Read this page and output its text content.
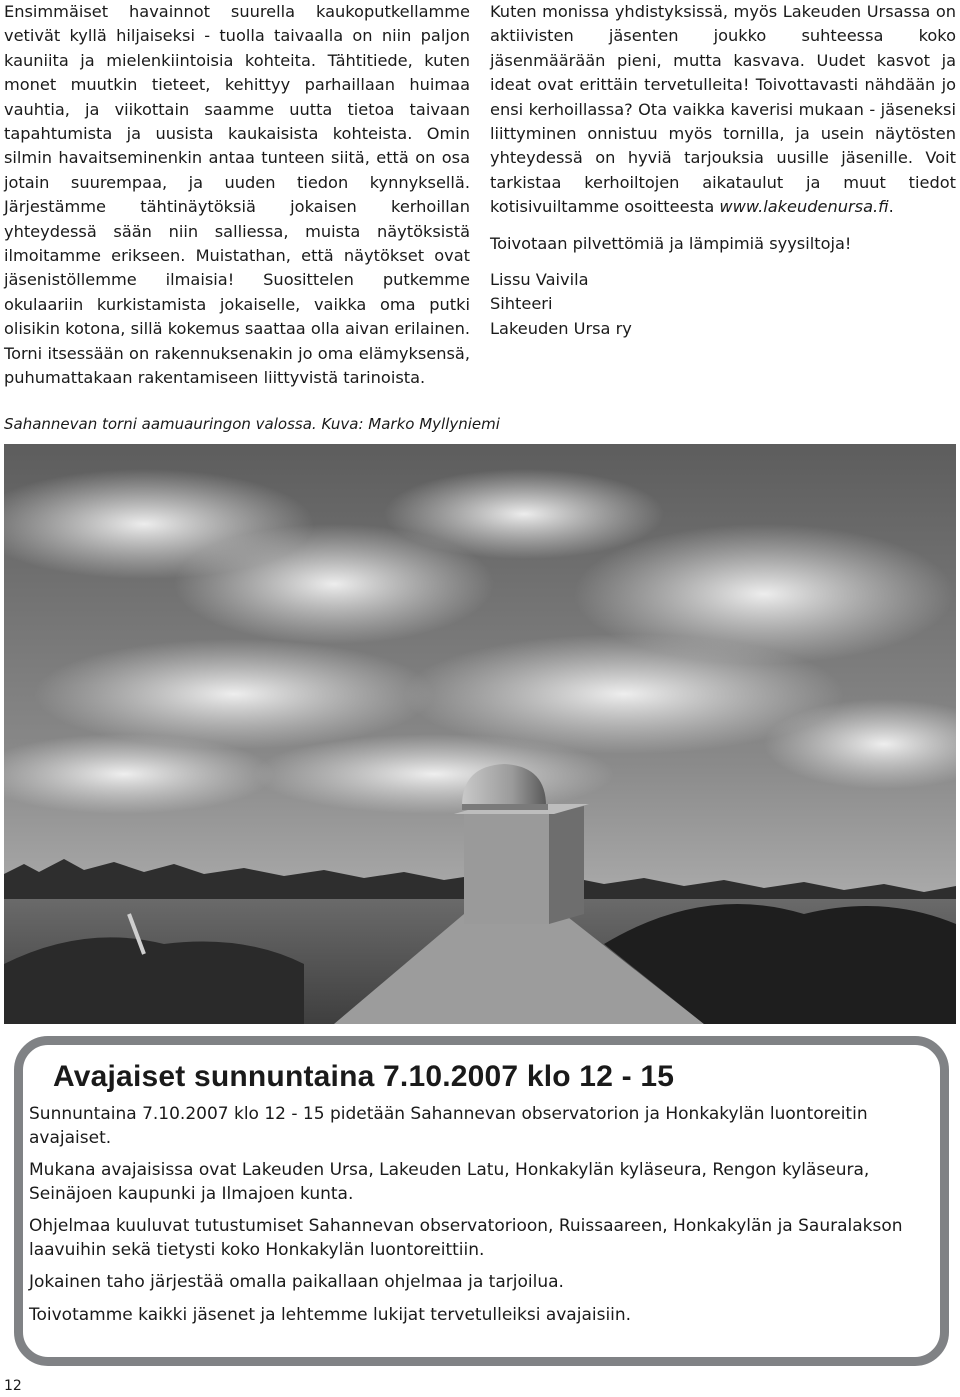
Ensimmäiset havainnot suurella kaukoputkellamme vetivät kyllä hiljaiseksi - tuolla taivaalla on niin paljon kauniita ja mielenkiintoisia kohteita. Tähtitiede, kuten monet muutkin tieteet, kehittyy parhaillaan huimaa vauhtia, ja viikottain saamme uutta tietoa taivaan tapahtumista ja uusista kaukaisista kohteista. Omin silmin havaitseminenkin antaa tunteen siitä, että on osa jotain suurempaa, ja uuden tiedon kynnyksellä. Järjestämme tähtinäytöksiä jokaisen kerhoillan yhteydessä sään niin salliessa, muista näytöksistä ilmoitamme erikseen. Muistathan, että näytökset ovat jäsenistöllemme ilmaisia! Suosittelen putkemme okulaariin kurkistamista jokaiselle, vaikka oma putki olisikin kotona, sillä kokemus saattaa olla aivan erilainen. Torni itsessään on rakennuksenakin jo oma elämyksensä, puhumattakaan rakentamiseen liittyvistä tarinoista.

Kuten monissa yhdistyksissä, myös Lakeuden Ursassa on aktiivisten jäsenten joukko suhteessa koko jäsenmäärään pieni, mutta kasvava. Uudet kasvot ja ideat ovat erittäin tervetulleita! Toivottavasti nähdään jo ensi kerhoillassa? Ota vaikka kaverisi mukaan - jäseneksi liittyminen onnistuu myös tornilla, ja usein näytösten yhteydessä on hyviä tarjouksia uusille jäsenille. Voit tarkistaa kerhoiltojen aikataulut ja muut tiedot kotisivuiltamme osoitteesta www.lakeudenursa.fi.

Toivotaan pilvettömiä ja lämpimiä syysiltoja!

Lissu Vaivila

Sihteeri

Lakeuden Ursa ry

Sahannevan torni aamuauringon valossa. Kuva: Marko Myllyniemi
Avajaiset sunnuntaina 7.10.2007 klo 12 - 15

Sunnuntaina 7.10.2007 klo 12 - 15 pidetään Sahannevan observatorion ja Honkakylän luontoreitin avajaiset.

Mukana avajaisissa ovat Lakeuden Ursa, Lakeuden Latu, Honkakylän kyläseura, Rengon kyläseura, Seinäjoen kaupunki ja Ilmajoen kunta.

Ohjelmaa kuuluvat tutustumiset Sahannevan observatorioon, Ruissaareen, Honkakylän ja Sauralakson laavuihin sekä tietysti koko Honkakylän luontoreittiin.

Jokainen taho järjestää omalla paikallaan ohjelmaa ja tarjoilua.

Toivotamme kaikki jäsenet ja lehtemme lukijat tervetulleiksi avajaisiin.

12
